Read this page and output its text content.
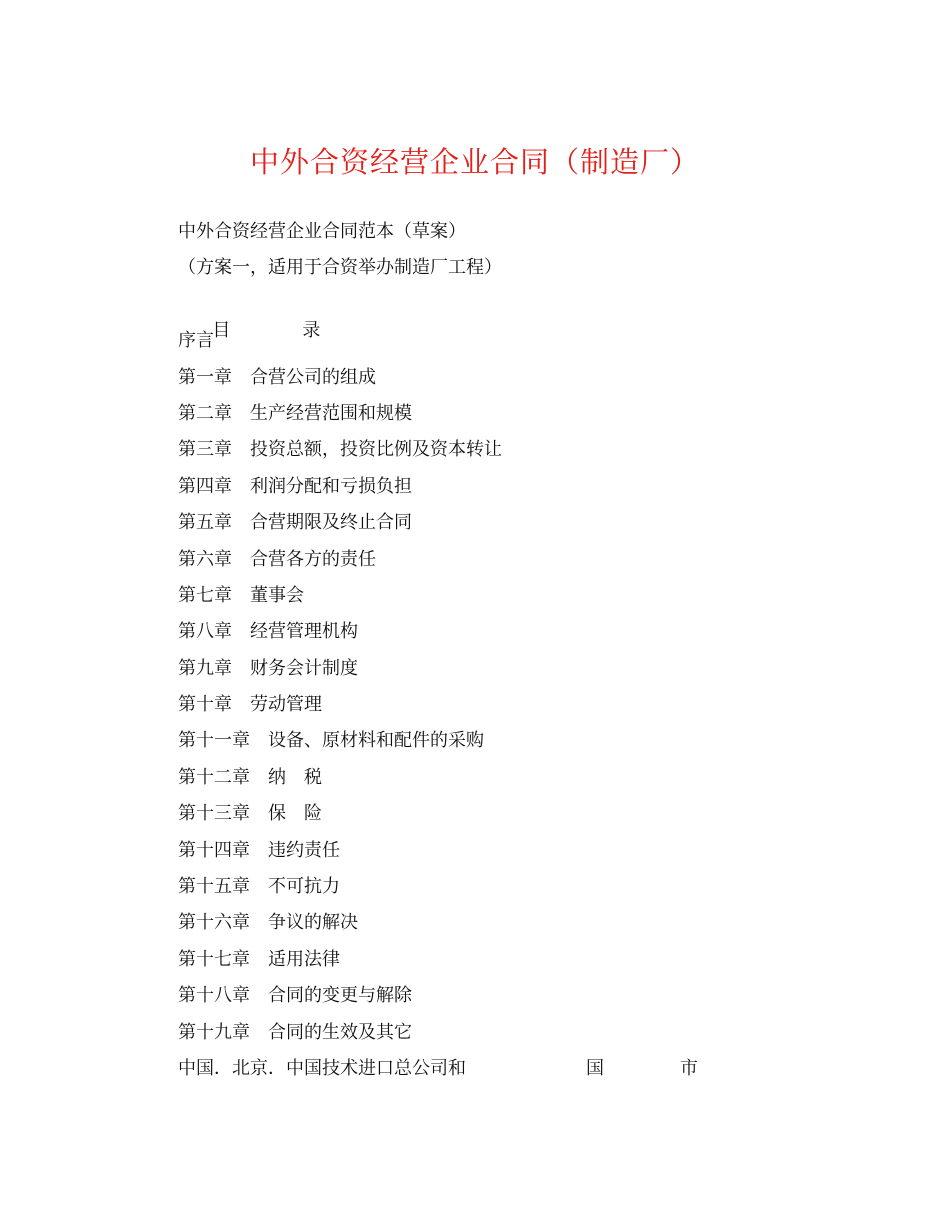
中外合资经营企业合同（制造厂）
中外合资经营企业合同范本（草案）
（方案一，适用于合资举办制造厂工程）

目	录

序言
第一章 合营公司的组成
第二章 生产经营范围和规模
第三章 投资总额，投资比例及资本转让
第四章 利润分配和亏损负担
第五章 合营期限及终止合同
第六章 合营各方的责任
第七章 董事会
第八章 经营管理机构
第九章 财务会计制度
第十章 劳动管理
第十一章 设备、原材料和配件的采购
第十二章 纳　税
第十三章 保　险
第十四章 违约责任
第十五章 不可抗力
第十六章 争议的解决
第十七章 适用法律
第十八章 合同的变更与解除
第十九章 合同的生效及其它
中国．北京．中国技术进口总公司和	国	市
